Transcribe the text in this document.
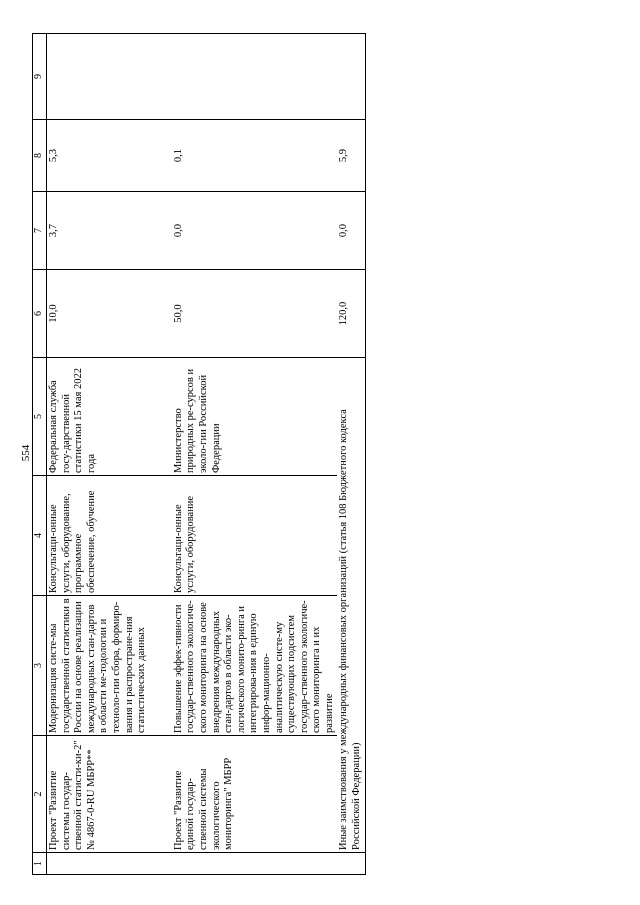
554
1	2	3	4	5	6	7	8	9
	Проект "Развитие системы государ-ственной статисти-ки-2" № 4867-0-RU МБРР**	Модернизация систе-мы государственной статистики в России на основе реализации международных стан-дартов в области ме-тодологии и техноло-гии сбора, формиро-вания и распростране-ния статистических данных	Консультаци-онные услуги, оборудование, программное обеспечение, обучение	Федеральная служба госу-дарственной статистики 15 мая 2022 года	10,0	3,7	5,3	

	Проект "Развитие единой государ-ственной системы экологического мониторинга" МБРР	Повышение эффек-тивности государ-ственного экологиче-ского мониторинга на основе внедрения международных стан-дартов в области эко-логического монито-ринга и интегрирова-ния в единую инфор-мационно-аналитическую систе-му существующих подсистем государ-ственного экологиче-ского мониторинга и их развитие	Консультаци-онные услуги, оборудование	Министерство природных ре-сурсов и эколо-гии Российской Федерации	50,0	0,0	0,1	
	Иные заимствования у международных финансовых организаций (статья 108 Бюджетного кодекса Российской Федерации)				120,0	0,0	5,9	
